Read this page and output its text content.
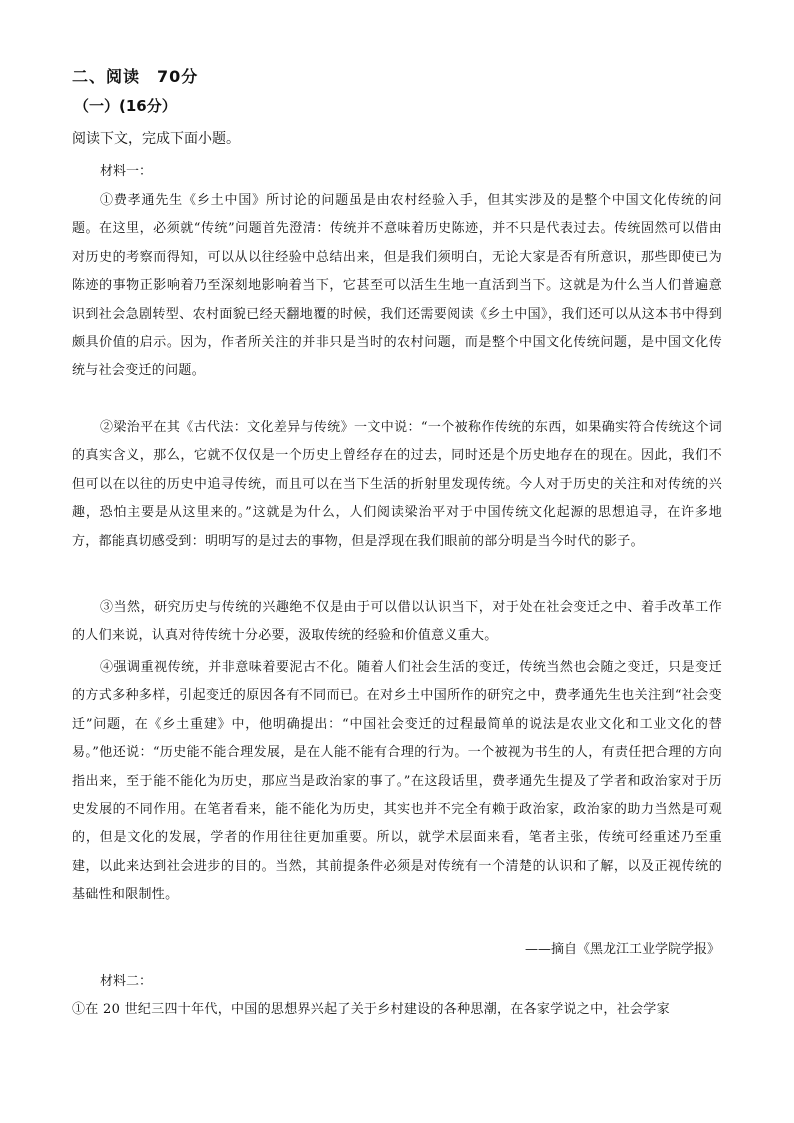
二、阅读　70分
（一）(16分）
阅读下文，完成下面小题。
材料一：

①费孝通先生《乡土中国》所讨论的问题虽是由农村经验入手，但其实涉及的是整个中国文化传统的问题。在这里，必须就“传统”问题首先澄清：传统并不意味着历史陈迹，并不只是代表过去。传统固然可以借由对历史的考察而得知，可以从以往经验中总结出来，但是我们须明白，无论大家是否有所意识，那些即使已为陈迹的事物正影响着乃至深刻地影响着当下，它甚至可以活生生地一直活到当下。这就是为什么当人们普遍意识到社会急剧转型、农村面貌已经天翻地覆的时候，我们还需要阅读《乡土中国》，我们还可以从这本书中得到颇具价值的启示。因为，作者所关注的并非只是当时的农村问题，而是整个中国文化传统问题，是中国文化传统与社会变迁的问题。

②梁治平在其《古代法：文化差异与传统》一文中说：“一个被称作传统的东西，如果确实符合传统这个词的真实含义，那么，它就不仅仅是一个历史上曾经存在的过去，同时还是个历史地存在的现在。因此，我们不但可以在以往的历史中追寻传统，而且可以在当下生活的折射里发现传统。今人对于历史的关注和对传统的兴趣，恐怕主要是从这里来的。”这就是为什么，人们阅读梁治平对于中国传统文化起源的思想追寻，在许多地方，都能真切感受到：明明写的是过去的事物，但是浮现在我们眼前的部分明是当今时代的影子。

③当然，研究历史与传统的兴趣绝不仅是由于可以借以认识当下，对于处在社会变迁之中、着手改革工作的人们来说，认真对待传统十分必要，汲取传统的经验和价值意义重大。

④强调重视传统，并非意味着要泥古不化。随着人们社会生活的变迁，传统当然也会随之变迁，只是变迁的方式多种多样，引起变迁的原因各有不同而已。在对乡土中国所作的研究之中，费孝通先生也关注到“社会变迁”问题，在《乡土重建》中，他明确提出：“中国社会变迁的过程最简单的说法是农业文化和工业文化的替易。”他还说：“历史能不能合理发展，是在人能不能有合理的行为。一个被视为书生的人，有责任把合理的方向指出来，至于能不能化为历史，那应当是政治家的事了。”在这段话里，费孝通先生提及了学者和政治家对于历史发展的不同作用。在笔者看来，能不能化为历史，其实也并不完全有赖于政治家，政治家的助力当然是可观的，但是文化的发展，学者的作用往往更加重要。所以，就学术层面来看，笔者主张，传统可经重述乃至重建，以此来达到社会进步的目的。当然，其前提条件必须是对传统有一个清楚的认识和了解，以及正视传统的基础性和限制性。

——摘自《黑龙江工业学院学报》
材料二：

①在 20 世纪三四十年代，中国的思想界兴起了关于乡村建设的各种思潮，在各家学说之中，社会学家
